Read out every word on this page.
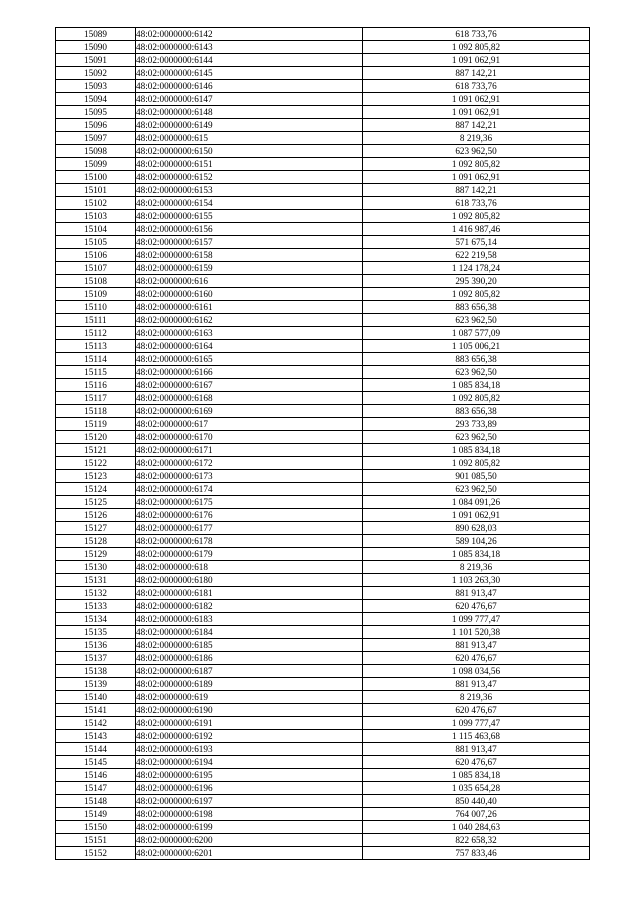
15089	48:02:0000000:6142	618 733,76
15090	48:02:0000000:6143	1 092 805,82
15091	48:02:0000000:6144	1 091 062,91
15092	48:02:0000000:6145	887 142,21
15093	48:02:0000000:6146	618 733,76
15094	48:02:0000000:6147	1 091 062,91
15095	48:02:0000000:6148	1 091 062,91
15096	48:02:0000000:6149	887 142,21
15097	48:02:0000000:615	8 219,36
15098	48:02:0000000:6150	623 962,50
15099	48:02:0000000:6151	1 092 805,82
15100	48:02:0000000:6152	1 091 062,91
15101	48:02:0000000:6153	887 142,21
15102	48:02:0000000:6154	618 733,76
15103	48:02:0000000:6155	1 092 805,82
15104	48:02:0000000:6156	1 416 987,46
15105	48:02:0000000:6157	571 675,14
15106	48:02:0000000:6158	622 219,58
15107	48:02:0000000:6159	1 124 178,24
15108	48:02:0000000:616	295 390,20
15109	48:02:0000000:6160	1 092 805,82
15110	48:02:0000000:6161	883 656,38
15111	48:02:0000000:6162	623 962,50
15112	48:02:0000000:6163	1 087 577,09
15113	48:02:0000000:6164	1 105 006,21
15114	48:02:0000000:6165	883 656,38
15115	48:02:0000000:6166	623 962,50
15116	48:02:0000000:6167	1 085 834,18
15117	48:02:0000000:6168	1 092 805,82
15118	48:02:0000000:6169	883 656,38
15119	48:02:0000000:617	293 733,89
15120	48:02:0000000:6170	623 962,50
15121	48:02:0000000:6171	1 085 834,18
15122	48:02:0000000:6172	1 092 805,82
15123	48:02:0000000:6173	901 085,50
15124	48:02:0000000:6174	623 962,50
15125	48:02:0000000:6175	1 084 091,26
15126	48:02:0000000:6176	1 091 062,91
15127	48:02:0000000:6177	890 628,03
15128	48:02:0000000:6178	589 104,26
15129	48:02:0000000:6179	1 085 834,18
15130	48:02:0000000:618	8 219,36
15131	48:02:0000000:6180	1 103 263,30
15132	48:02:0000000:6181	881 913,47
15133	48:02:0000000:6182	620 476,67
15134	48:02:0000000:6183	1 099 777,47
15135	48:02:0000000:6184	1 101 520,38
15136	48:02:0000000:6185	881 913,47
15137	48:02:0000000:6186	620 476,67
15138	48:02:0000000:6187	1 098 034,56
15139	48:02:0000000:6189	881 913,47
15140	48:02:0000000:619	8 219,36
15141	48:02:0000000:6190	620 476,67
15142	48:02:0000000:6191	1 099 777,47
15143	48:02:0000000:6192	1 115 463,68
15144	48:02:0000000:6193	881 913,47
15145	48:02:0000000:6194	620 476,67
15146	48:02:0000000:6195	1 085 834,18
15147	48:02:0000000:6196	1 035 654,28
15148	48:02:0000000:6197	850 440,40
15149	48:02:0000000:6198	764 007,26
15150	48:02:0000000:6199	1 040 284,63
15151	48:02:0000000:6200	822 658,32
15152	48:02:0000000:6201	757 833,46
